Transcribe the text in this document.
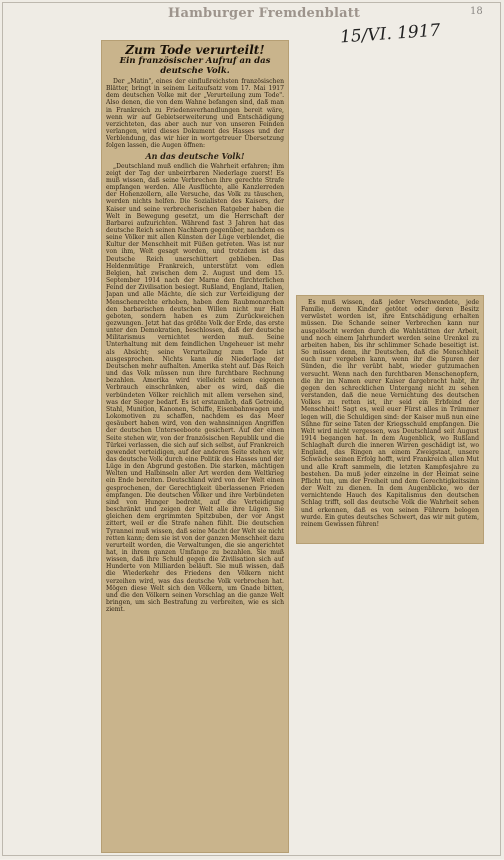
Hamburger Fremdenblatt
15/VI. 1917
18

Zum Tode verurteilt!

Ein französischer Aufruf an das deutsche Volk.

Der „Matin", eines der einflußreichsten französischen Blätter, bringt in seinem Leitaufsatz vom 17. Mai 1917 dem deutschen Volke mit der „Verurteilung zum Tode". Also denen, die von dem Wahne befangen sind, daß man in Frankreich zu Friedensverhandlungen bereit wäre, wenn wir auf Gebietserweiterung und Entschädigung verzichteten, das aber auch nur von unseren Feinden verlangen, wird dieses Dokument des Hasses und der Verblendung, das wir hier in wortgetreuer Übersetzung folgen lassen, die Augen öffnen:

An das deutsche Volk!

„Deutschland muß endlich die Wahrheit erfahren; ihm zeigt der Tag der unbeirrbaren Niederlage zuerst! Es muß wissen, daß seine Verbrechen ihre gerechte Strafe empfangen werden. Alle Ausflüchte, alle Kanzlerreden der Hohenzollern, alle Versuche, das Volk zu täuschen, werden nichts helfen. Die Sozialisten des Kaisers, der Kaiser und seine verbrecherischen Ratgeber haben die Welt in Bewegung gesetzt, um die Herrschaft der Barbarei aufzurichten. Während fast 3 Jahren hat das deutsche Reich seinen Nachbarn gegenüber, nachdem es seine Völker mit allen Künsten der Lüge verblendet, die Kultur der Menschheit mit Füßen getreten. Was ist nur von ihm, Welt gesagt worden, und trotzdem ist das Deutsche Reich unerschüttert geblieben. Das Heldenmütige Frankreich, unterstützt vom edlen Belgien, hat zwischen dem 2. August und dem 15. September 1914 nach der Marne den fürchterlichen Feind der Zivilisation besiegt. Rußland, England, Italien, Japan und alle Mächte, die sich zur Verteidigung der Menschenrechte erhoben, haben dem Raubmonarchen den barbarischen deutschen Willen nicht nur Halt geboten, sondern haben es zum Zurückweichen gezwungen. Jetzt hat das größte Volk der Erde, das erste unter den Demokratien, beschlossen, daß der deutsche Militarismus vernichtet werden muß. Seine Unterhaltung mit dem feindlichen Ungeheuer ist mehr als Absicht; seine Verurteilung zum Tode ist ausgesprochen. Nichts kann die Niederlage der Deutschen mehr aufhalten. Amerika steht auf. Das Reich und das Volk müssen nun ihre furchtbare Rechnung bezahlen. Amerika wird vielleicht seinen eigenen Verbrauch einschränken, aber es wird, daß die verbündeten Völker reichlich mit allem versehen sind, was der Sieger bedarf. Es ist erstaunlich, daß Getreide, Stahl, Munition, Kanonen, Schiffe, Eisenbahnwagen und Lokomotiven zu schaffen, nachdem es das Meer gesäubert haben wird, von den wahnsinnigen Angriffen der deutschen Unterseeboote gesichert. Auf der einen Seite stehen wir, von der französischen Republik und die Türkei verlassen, die sich auf sich selbst, auf Frankreich gewendet verteidigen, auf der anderen Seite stehen wir, das deutsche Volk durch eine Politik des Hasses und der Lüge in den Abgrund gestoßen. Die starken, mächtigen Welten und Halbinseln aller Art werden dem Weltkrieg ein Ende bereiten. Deutschland wird von der Welt einen gesprochenen, der Gerechtigkeit überlassenen Frieden empfangen. Die deutschen Völker und ihre Verbündeten sind von Hunger bedroht, auf die Verteidigung beschränkt und zeigen der Welt alle ihre Lügen. Sie gleichen dem ergrimmten Spitzbuben, der vor Angst zittert, weil er die Strafe nahen fühlt. Die deutschen Tyrannei muß wissen, daß seine Macht der Welt sie nicht retten kann; dem sie ist von der ganzen Menschheit dazu verurteilt worden, die Verwaltungen, die sie angerichtet hat, in ihrem ganzen Umfange zu bezahlen. Sie muß wissen, daß ihre Schuld gegen die Zivilisation sich auf Hunderte von Milliarden beläuft. Sie muß wissen, daß die Wiederkehr des Friedens den Völkern nicht verzeihen wird, was das deutsche Volk verbrochen hat. Mögen diese Welt sich den Völkern, um Gnade bitten, und die den Völkern seinen Vorschlag an die ganze Welt bringen, um sich Bestrafung zu verbreiten, wie es sich ziemt.

Es muß wissen, daß jeder Verschwendete, jede Familie, deren Kinder getötet oder deren Besitz verwüstet worden ist, ihre Entschädigung erhalten müssen. Die Schande seiner Verbrechen kann nur ausgelöscht werden durch die Wahlstätten der Arbeit, und noch einem Jahrhundert werden seine Urenkel zu arbeiten haben, bis ihr schlimmer Schade beseitigt ist. So müssen denn, ihr Deutschen, daß die Menschheit euch nur vergeben kann, wenn ihr die Spuren der Sünden, die ihr verübt habt, wieder gutzumachen versucht. Wenn nach den furchtbaren Menschenopfern, die ihr im Namen eurer Kaiser dargebracht habt, ihr gegen den schrecklichen Untergang nicht zu sehen verstanden, daß die neue Vernichtung des deutschen Volkes zu retten ist, ihr seid ein Erbfeind der Menschheit! Sagt es, weil euer Fürst alles in Trümmer legen will, die Schuldigen sind: der Kaiser muß nun eine Sühne für seine Taten der Kriegsschuld empfangen. Die Welt wird nicht vergessen, was Deutschland seit August 1914 begangen hat. In dem Augenblick, wo Rußland Schlaghaft durch die inneren Wirren geschädigt ist, wo England, das Ringen an einem Zweigstaat, unsere Schwäche seinen Erfolg hofft, wird Frankreich allen Mut und alle Kraft sammeln, die letzten Kampfesjahre zu bestehen. Da muß jeder einzelne in der Heimat seine Pflicht tun, um der Freiheit und dem Gerechtigkeitssinn der Welt zu dienen. In dem Augenblicke, wo der vernichtende Hauch des Kapitalismus den deutschen Schlag trifft, soll das deutsche Volk die Wahrheit sehen und erkennen, daß es von seinen Führern belogen wurde. Ein gutes deutsches Schwert, das wir mit gutem, reinem Gewissen führen!
